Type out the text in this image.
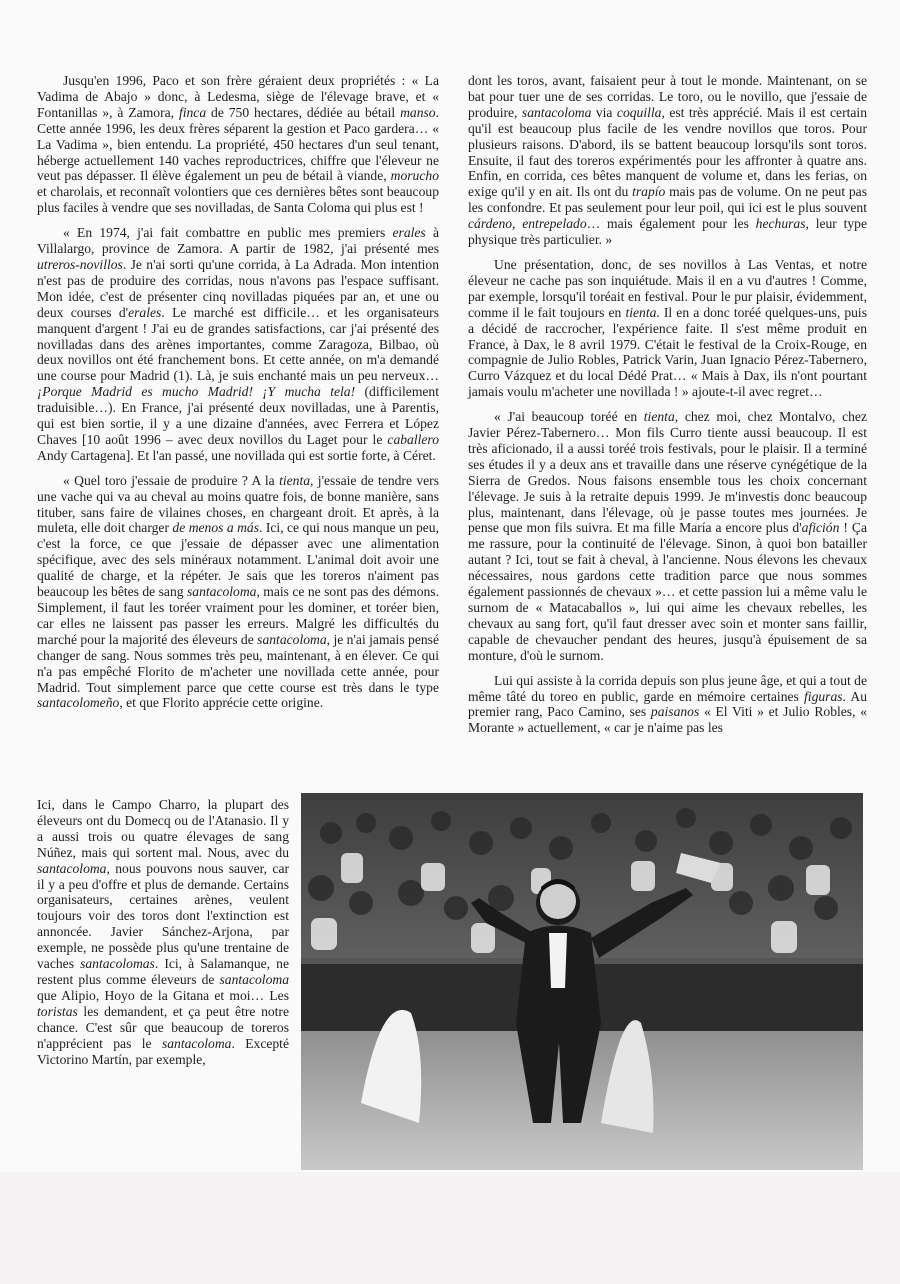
Jusqu'en 1996, Paco et son frère géraient deux propriétés : « La Vadima de Abajo » donc, à Ledesma, siège de l'élevage brave, et « Fontanillas », à Zamora, finca de 750 hectares, dédiée au bétail manso. Cette année 1996, les deux frères séparent la gestion et Paco gardera… « La Vadima », bien entendu. La propriété, 450 hectares d'un seul tenant, héberge actuellement 140 vaches reproductrices, chiffre que l'éleveur ne veut pas dépasser. Il élève également un peu de bétail à viande, morucho et charolais, et reconnaît volontiers que ces dernières bêtes sont beaucoup plus faciles à vendre que ses novilladas, de Santa Coloma qui plus est !

« En 1974, j'ai fait combattre en public mes premiers erales à Villalargo, province de Zamora. A partir de 1982, j'ai présenté mes utreros-novillos. Je n'ai sorti qu'une corrida, à La Adrada. Mon intention n'est pas de produire des corridas, nous n'avons pas l'espace suffisant. Mon idée, c'est de présenter cinq novilladas piquées par an, et une ou deux courses d'erales. Le marché est difficile… et les organisateurs manquent d'argent ! J'ai eu de grandes satisfactions, car j'ai présenté des novilladas dans des arènes importantes, comme Zaragoza, Bilbao, où deux novillos ont été franchement bons. Et cette année, on m'a demandé une course pour Madrid (1). Là, je suis enchanté mais un peu nerveux… ¡Porque Madrid es mucho Madrid! ¡Y mucha tela! (difficilement traduisible…). En France, j'ai présenté deux novilladas, une à Parentis, qui est bien sortie, il y a une dizaine d'années, avec Ferrera et López Chaves [10 août 1996 – avec deux novillos du Laget pour le caballero Andy Cartagena]. Et l'an passé, une novillada qui est sortie forte, à Céret.

« Quel toro j'essaie de produire ? A la tienta, j'essaie de tendre vers une vache qui va au cheval au moins quatre fois, de bonne manière, sans tituber, sans faire de vilaines choses, en chargeant droit. Et après, à la muleta, elle doit charger de menos a más. Ici, ce qui nous manque un peu, c'est la force, ce que j'essaie de dépasser avec une alimentation spécifique, avec des sels minéraux notamment. L'animal doit avoir une qualité de charge, et la répéter. Je sais que les toreros n'aiment pas beaucoup les bêtes de sang santacoloma, mais ce ne sont pas des démons. Simplement, il faut les toréer vraiment pour les dominer, et toréer bien, car elles ne laissent pas passer les erreurs. Malgré les difficultés du marché pour la majorité des éleveurs de santacoloma, je n'ai jamais pensé changer de sang. Nous sommes très peu, maintenant, à en élever. Ce qui n'a pas empêché Florito de m'acheter une novillada cette année, pour Madrid. Tout simplement parce que cette course est très dans le type santacolomeño, et que Florito apprécie cette origine.

Ici, dans le Campo Charro, la plupart des éleveurs ont du Domecq ou de l'Atanasio. Il y a aussi trois ou quatre élevages de sang Núñez, mais qui sortent mal. Nous, avec du santacoloma, nous pouvons nous sauver, car il y a peu d'offre et plus de demande. Certains organisateurs, certaines arènes, veulent toujours voir des toros dont l'extinction est annoncée. Javier Sánchez-Arjona, par exemple, ne possède plus qu'une trentaine de vaches santacolomas. Ici, à Salamanque, ne restent plus comme éleveurs de santacoloma que Alipio, Hoyo de la Gitana et moi… Les toristas les demandent, et ça peut être notre chance. C'est sûr que beaucoup de toreros n'apprécient pas le santacoloma. Excepté Victorino Martín, par exemple,

dont les toros, avant, faisaient peur à tout le monde. Maintenant, on se bat pour tuer une de ses corridas. Le toro, ou le novillo, que j'essaie de produire, santacoloma via coquilla, est très apprécié. Mais il est certain qu'il est beaucoup plus facile de les vendre novillos que toros. Pour plusieurs raisons. D'abord, ils se battent beaucoup lorsqu'ils sont toros. Ensuite, il faut des toreros expérimentés pour les affronter à quatre ans. Enfin, en corrida, ces bêtes manquent de volume et, dans les ferias, on exige qu'il y en ait. Ils ont du trapío mais pas de volume. On ne peut pas les confondre. Et pas seulement pour leur poil, qui ici est le plus souvent cárdeno, entrepelado… mais également pour les hechuras, leur type physique très particulier. »

Une présentation, donc, de ses novillos à Las Ventas, et notre éleveur ne cache pas son inquiétude. Mais il en a vu d'autres ! Comme, par exemple, lorsqu'il toréait en festival. Pour le pur plaisir, évidemment, comme il le fait toujours en tienta. Il en a donc toréé quelques-uns, puis a décidé de raccrocher, l'expérience faite. Il s'est même produit en France, à Dax, le 8 avril 1979. C'était le festival de la Croix-Rouge, en compagnie de Julio Robles, Patrick Varin, Juan Ignacio Pérez-Tabernero, Curro Vázquez et du local Dédé Prat… « Mais à Dax, ils n'ont pourtant jamais voulu m'acheter une novillada ! » ajoute-t-il avec regret…

« J'ai beaucoup toréé en tienta, chez moi, chez Montalvo, chez Javier Pérez-Tabernero… Mon fils Curro tiente aussi beaucoup. Il est très aficionado, il a aussi toréé trois festivals, pour le plaisir. Il a terminé ses études il y a deux ans et travaille dans une réserve cynégétique de la Sierra de Gredos. Nous faisons ensemble tous les choix concernant l'élevage. Je suis à la retraite depuis 1999. Je m'investis donc beaucoup plus, maintenant, dans l'élevage, où je passe toutes mes journées. Je pense que mon fils suivra. Et ma fille María a encore plus d'afición ! Ça me rassure, pour la continuité de l'élevage. Sinon, à quoi bon batailler autant ? Ici, tout se fait à cheval, à l'ancienne. Nous élevons les chevaux nécessaires, nous gardons cette tradition parce que nous sommes également passionnés de chevaux »… et cette passion lui a même valu le surnom de « Matacaballos », lui qui aime les chevaux rebelles, les chevaux au sang fort, qu'il faut dresser avec soin et monter sans faillir, capable de chevaucher pendant des heures, jusqu'à épuisement de sa monture, d'où le surnom.

Lui qui assiste à la corrida depuis son plus jeune âge, et qui a tout de même tâté du toreo en public, garde en mémoire certaines figuras. Au premier rang, Paco Camino, ses paisanos « El Viti » et Julio Robles, « Morante » actuellement, « car je n'aime pas les
